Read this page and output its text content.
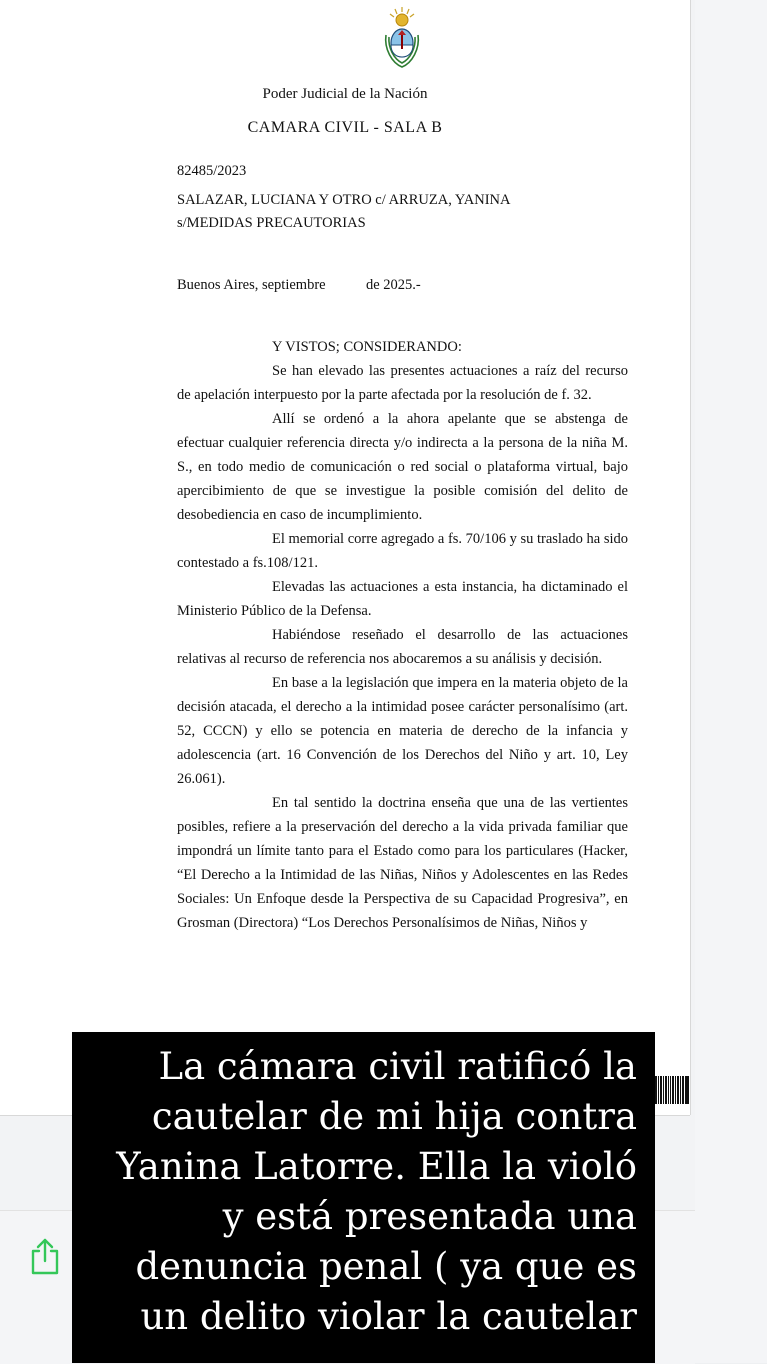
Poder Judicial de la Nación
CAMARA CIVIL - SALA B
82485/2023
SALAZAR, LUCIANA Y OTRO c/ ARRUZA, YANINA
s/MEDIDAS PRECAUTORIAS
Buenos Aires, septiembre	de 2025.-

Y VISTOS; CONSIDERANDO:

Se han elevado las presentes actuaciones a raíz del recurso de apelación interpuesto por la parte afectada por la resolución de f. 32.

Allí se ordenó a la ahora apelante que se abstenga de efectuar cualquier referencia directa y/o indirecta a la persona de la niña M. S., en todo medio de comunicación o red social o plataforma virtual, bajo apercibimiento de que se investigue la posible comisión del delito de desobediencia en caso de incumplimiento.

El memorial corre agregado a fs. 70/106 y su traslado ha sido contestado a fs.108/121.

Elevadas las actuaciones a esta instancia, ha dictaminado el Ministerio Público de la Defensa.

Habiéndose reseñado el desarrollo de las actuaciones relativas al recurso de referencia nos abocaremos a su análisis y decisión.

En base a la legislación que impera en la materia objeto de la decisión atacada, el derecho a la intimidad posee carácter personalísimo (art. 52, CCCN) y ello se potencia en materia de derecho de la infancia y adolescencia (art. 16 Convención de los Derechos del Niño y art. 10, Ley 26.061).

En tal sentido la doctrina enseña que una de las vertientes posibles, refiere a la preservación del derecho a la vida privada familiar que impondrá un límite tanto para el Estado como para los particulares (Hacker, “El Derecho a la Intimidad de las Niñas, Niños y Adolescentes en las Redes Sociales: Un Enfoque desde la Perspectiva de su Capacidad Progresiva”, en Grosman (Directora) “Los Derechos Personalísimos de Niñas, Niños y

La cámara civil ratificó la
cautelar de mi hija contra
Yanina Latorre. Ella la violó
y está presentada una
denuncia penal ( ya que es
un delito violar la cautelar
